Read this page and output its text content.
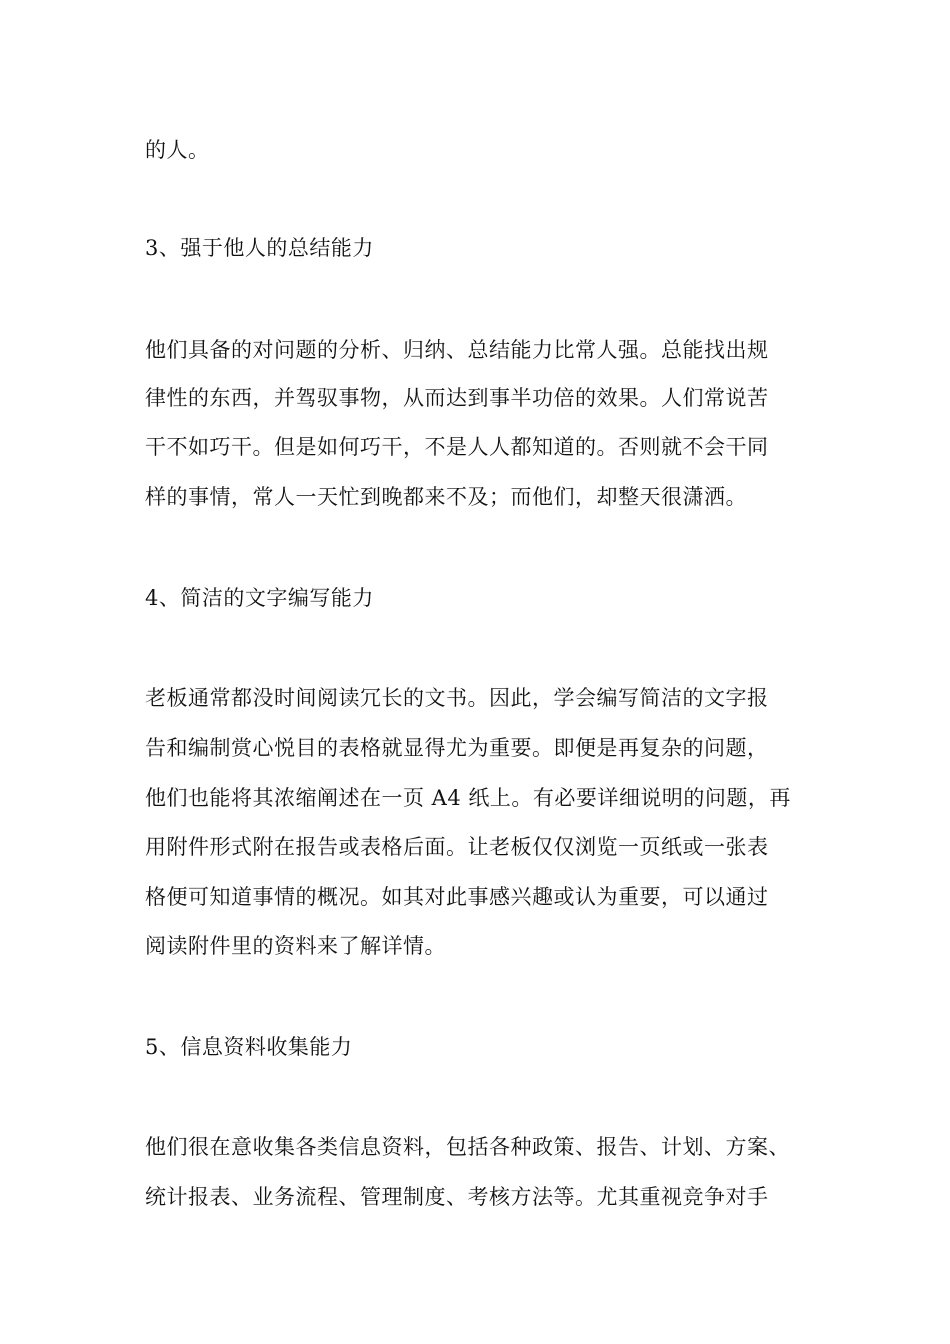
的人。
3、强于他人的总结能力
他们具备的对问题的分析、归纳、总结能力比常人强。总能找出规
律性的东西，并驾驭事物，从而达到事半功倍的效果。人们常说苦
干不如巧干。但是如何巧干，不是人人都知道的。否则就不会干同
样的事情，常人一天忙到晚都来不及；而他们，却整天很潇洒。
4、简洁的文字编写能力
老板通常都没时间阅读冗长的文书。因此，学会编写简洁的文字报
告和编制赏心悦目的表格就显得尤为重要。即便是再复杂的问题，
他们也能将其浓缩阐述在一页 A4 纸上。有必要详细说明的问题，再
用附件形式附在报告或表格后面。让老板仅仅浏览一页纸或一张表
格便可知道事情的概况。如其对此事感兴趣或认为重要，可以通过
阅读附件里的资料来了解详情。
5、信息资料收集能力
他们很在意收集各类信息资料，包括各种政策、报告、计划、方案、
统计报表、业务流程、管理制度、考核方法等。尤其重视竞争对手
